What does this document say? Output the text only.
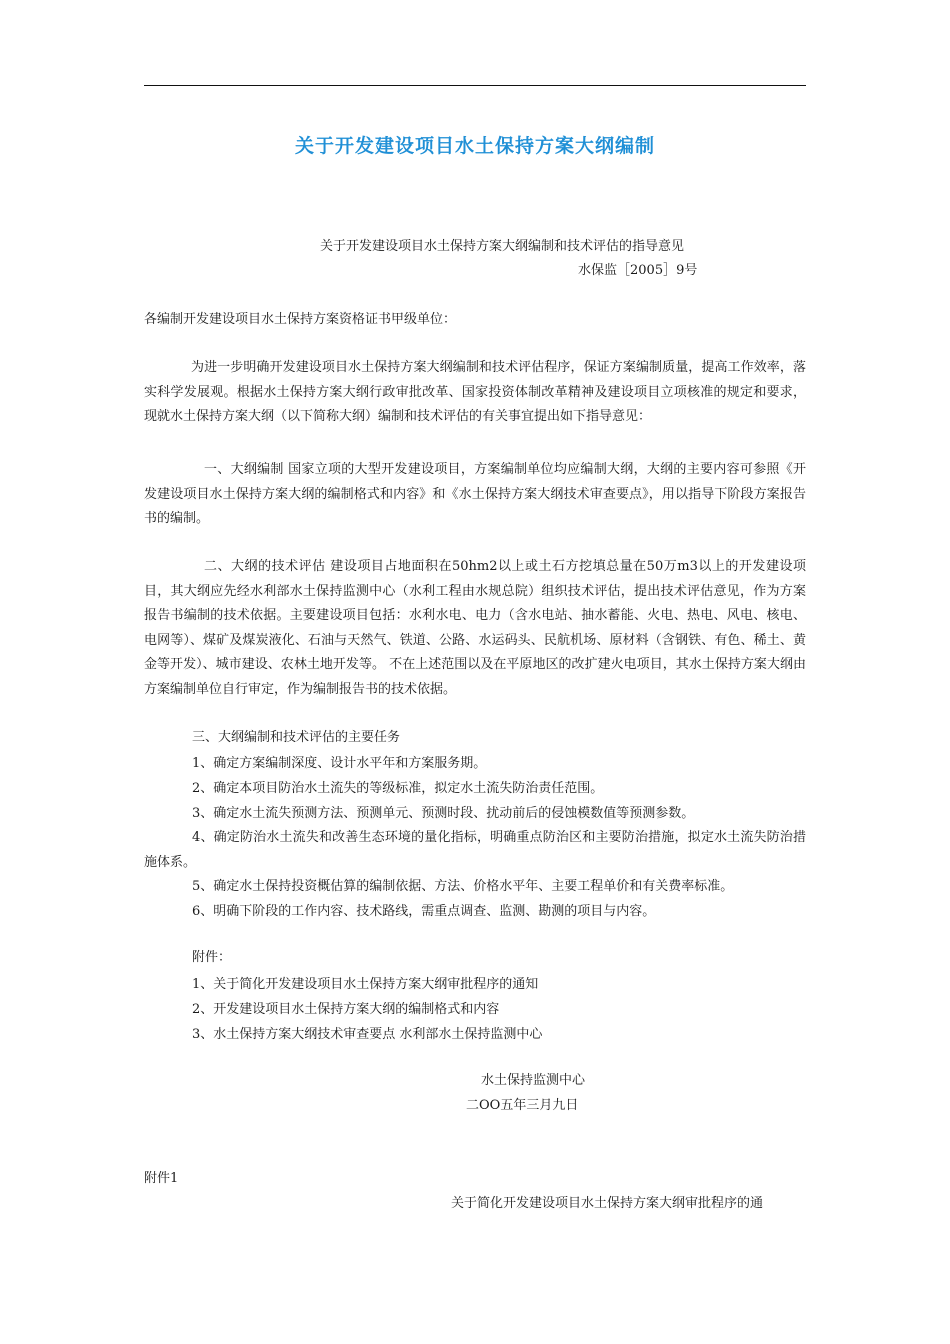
关于开发建设项目水土保持方案大纲编制
关于开发建设项目水土保持方案大纲编制和技术评估的指导意见
水保监［2005］9号
各编制开发建设项目水土保持方案资格证书甲级单位：

为进一步明确开发建设项目水土保持方案大纲编制和技术评估程序，保证方案编制质量，提高工作效率，落实科学发展观。根据水土保持方案大纲行政审批改革、国家投资体制改革精神及建设项目立项核准的规定和要求，现就水土保持方案大纲（以下简称大纲）编制和技术评估的有关事宜提出如下指导意见：

一、大纲编制 国家立项的大型开发建设项目，方案编制单位均应编制大纲，大纲的主要内容可参照《开发建设项目水土保持方案大纲的编制格式和内容》和《水土保持方案大纲技术审查要点》，用以指导下阶段方案报告书的编制。

二、大纲的技术评估 建设项目占地面积在50hm2以上或土石方挖填总量在50万m3以上的开发建设项目，其大纲应先经水利部水土保持监测中心（水利工程由水规总院）组织技术评估，提出技术评估意见，作为方案报告书编制的技术依据。主要建设项目包括：水利水电、电力（含水电站、抽水蓄能、火电、热电、风电、核电、电网等）、煤矿及煤炭液化、石油与天然气、铁道、公路、水运码头、民航机场、原材料（含钢铁、有色、稀土、黄金等开发）、城市建设、农林土地开发等。 不在上述范围以及在平原地区的改扩建火电项目，其水土保持方案大纲由方案编制单位自行审定，作为编制报告书的技术依据。

三、大纲编制和技术评估的主要任务
1、确定方案编制深度、设计水平年和方案服务期。
2、确定本项目防治水土流失的等级标准，拟定水土流失防治责任范围。
3、确定水土流失预测方法、预测单元、预测时段、扰动前后的侵蚀模数值等预测参数。

4、确定防治水土流失和改善生态环境的量化指标，明确重点防治区和主要防治措施，拟定水土流失防治措施体系。

5、确定水土保持投资概估算的编制依据、方法、价格水平年、主要工程单价和有关费率标准。
6、明确下阶段的工作内容、技术路线，需重点调查、监测、勘测的项目与内容。
附件：
1、关于简化开发建设项目水土保持方案大纲审批程序的通知
2、开发建设项目水土保持方案大纲的编制格式和内容
3、水土保持方案大纲技术审查要点 水利部水土保持监测中心
水土保持监测中心
二OO五年三月九日
附件1
关于简化开发建设项目水土保持方案大纲审批程序的通
